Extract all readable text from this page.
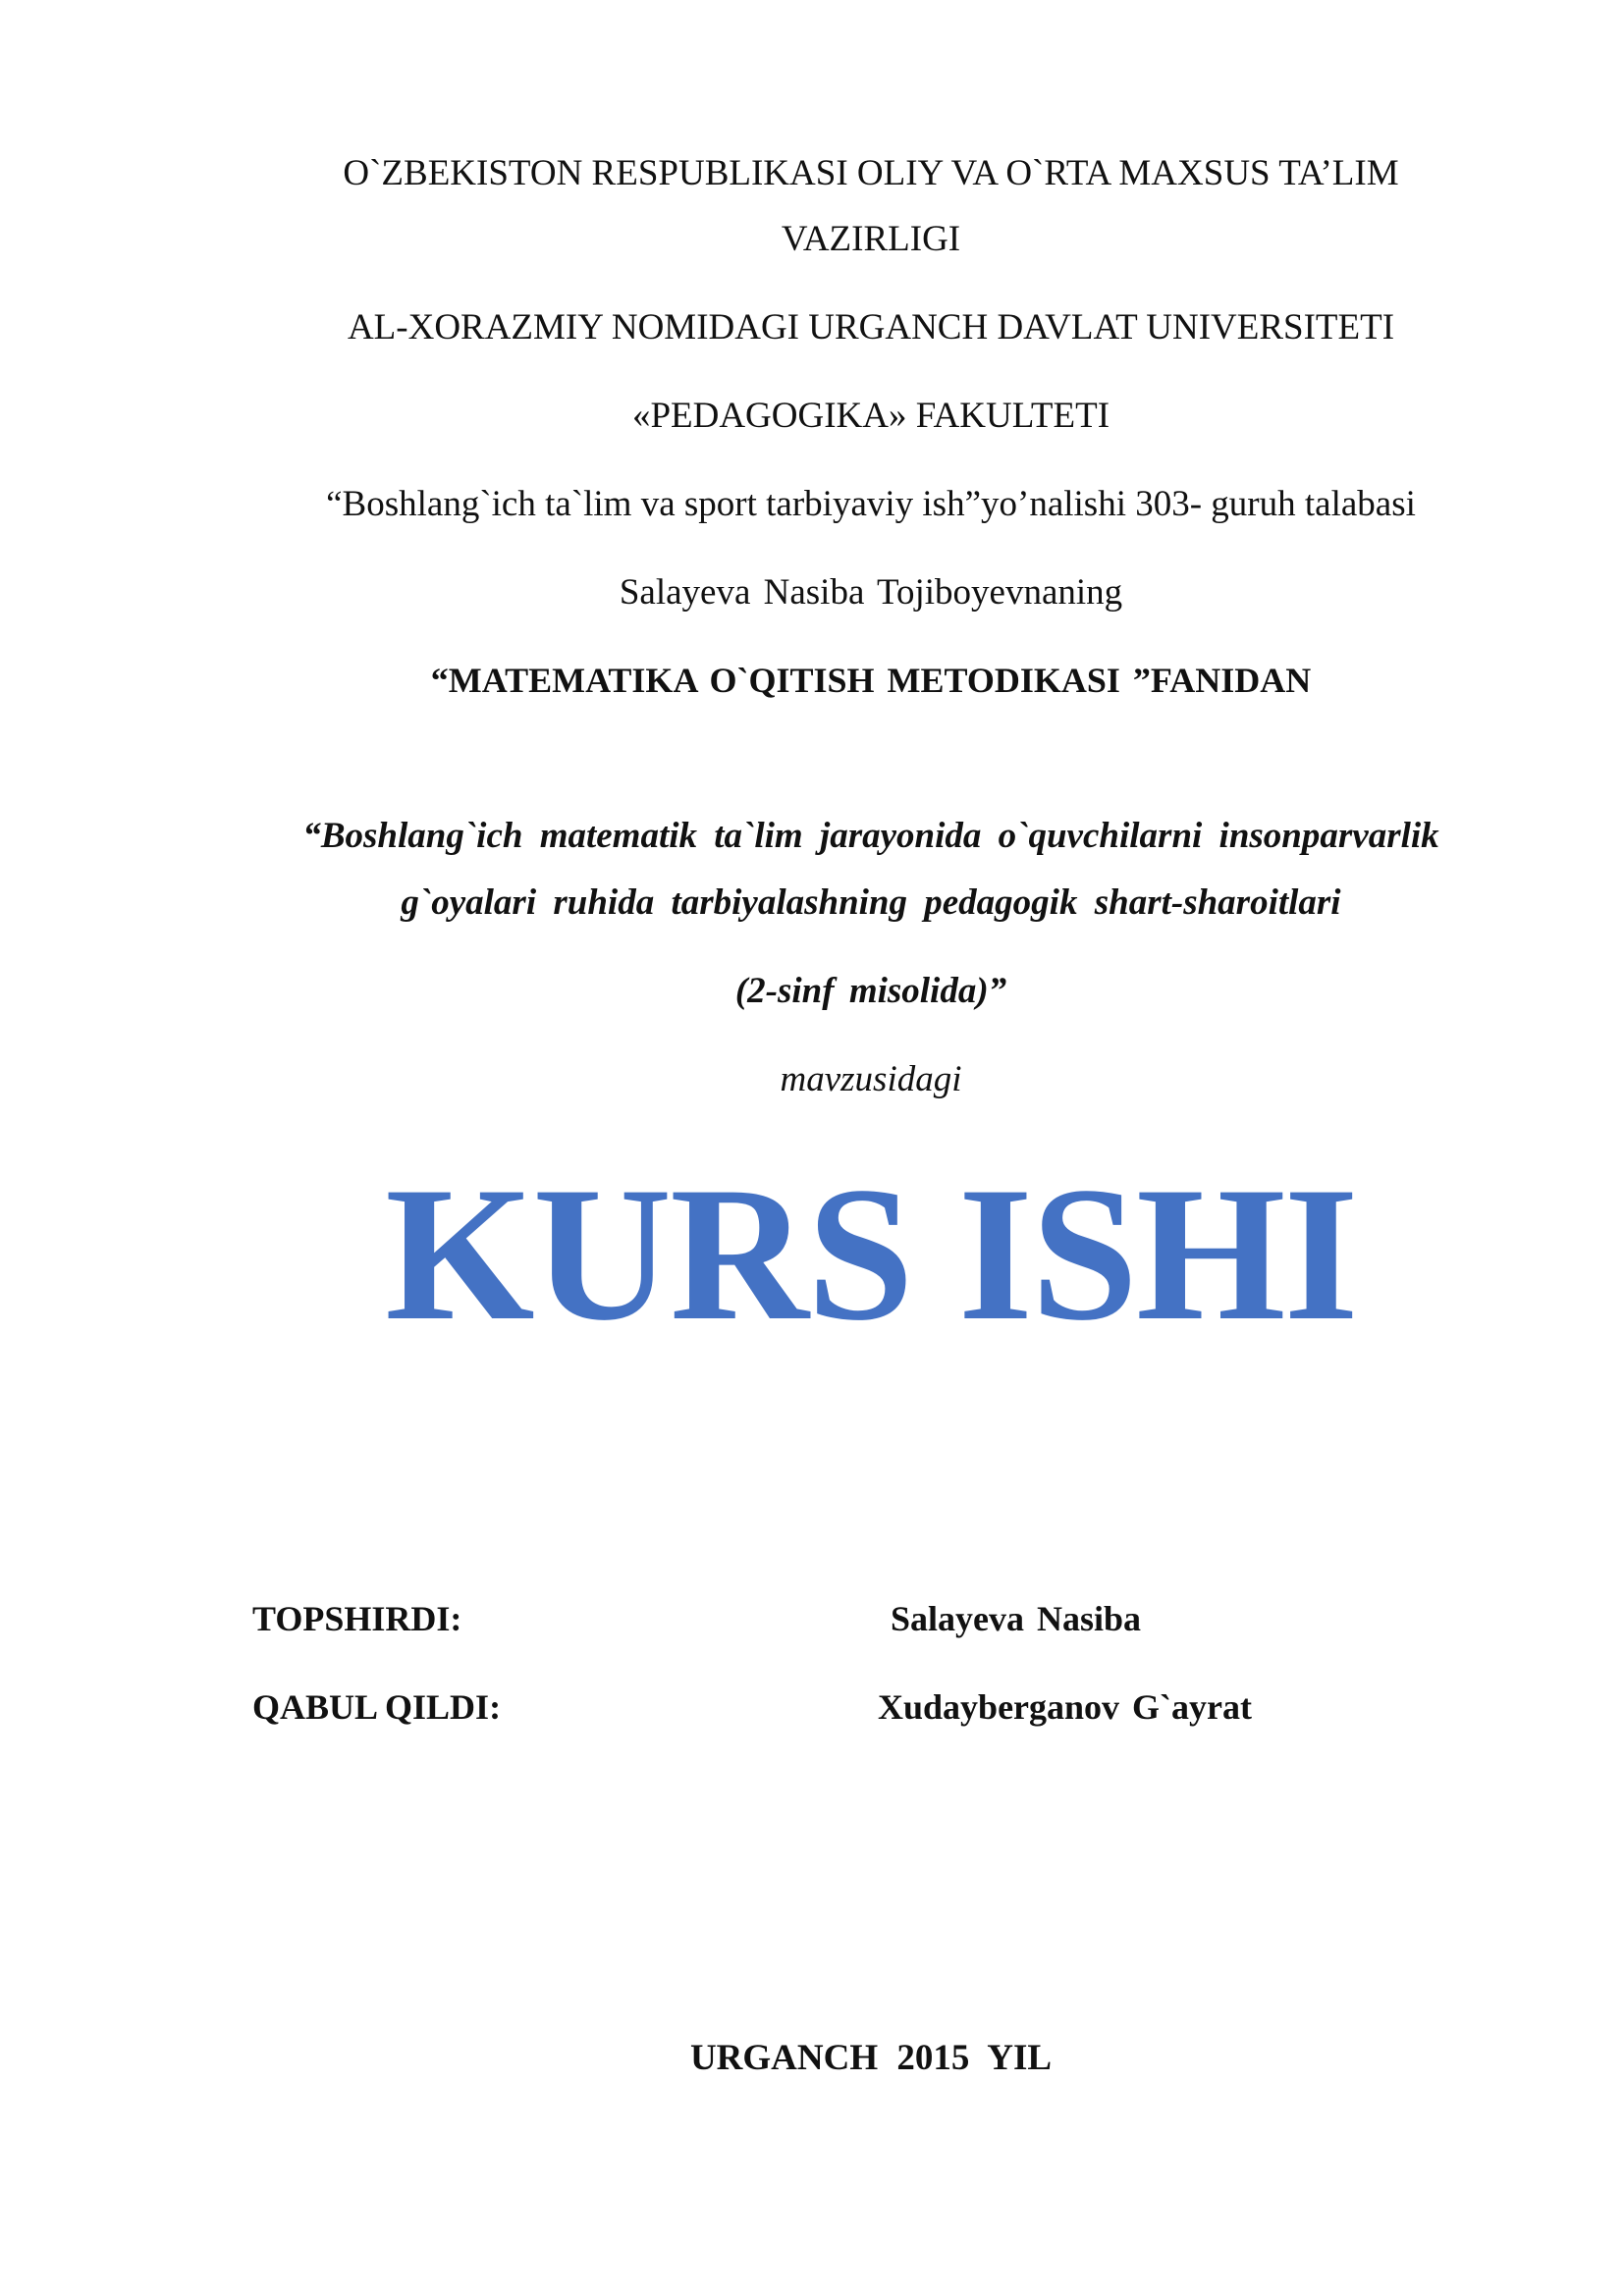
O`ZBEKISTON RESPUBLIKASI OLIY VA O`RTA MAXSUS TA’LIM
VAZIRLIGI
AL-XORAZMIY NOMIDAGI URGANCH DAVLAT UNIVERSITETI
«PEDAGOGIKA» FAKULTETI
“Boshlang`ich ta`lim va sport tarbiyaviy ish”yo’nalishi 303- guruh talabasi
Salayeva Nasiba Tojiboyevnaning
“MATEMATIKA O`QITISH METODIKASI ”FANIDAN
“Boshlang`ich matematik ta`lim jarayonida o`quvchilarni insonparvarlik
g`oyalari ruhida tarbiyalashning pedagogik shart-sharoitlari
(2-sinf misolida)”
mavzusidagi
KURS ISHI
TOPSHIRDI:	Salayeva Nasiba
QABUL QILDI:	Xudayberganov G`ayrat
URGANCH 2015 YIL
